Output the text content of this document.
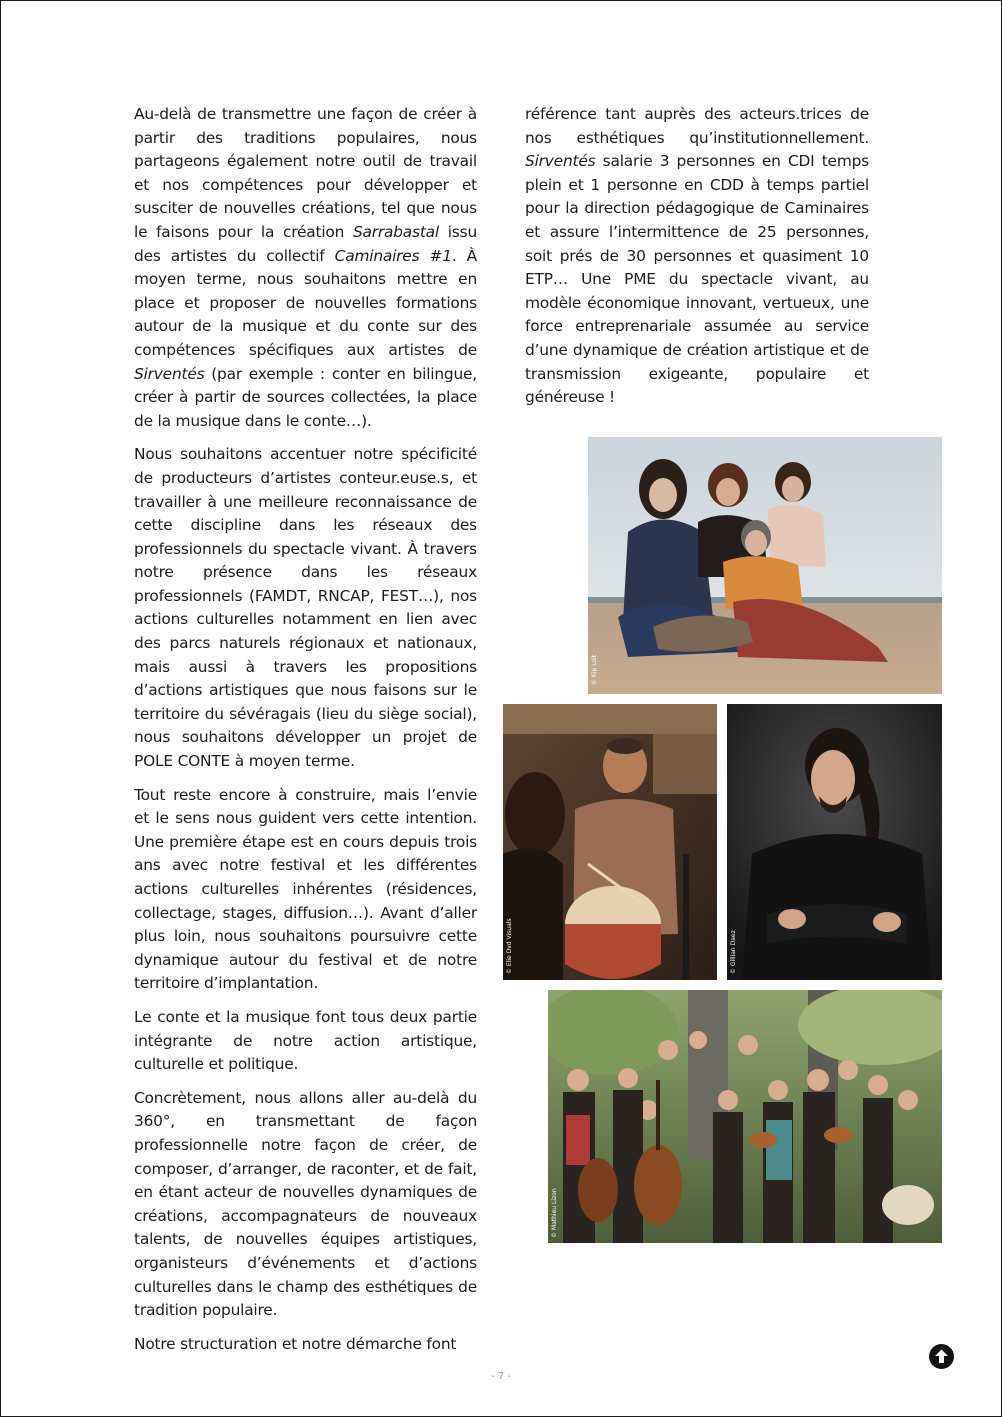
Au-delà de transmettre une façon de créer à partir des traditions populaires, nous partageons également notre outil de travail et nos compétences pour développer et susciter de nouvelles créations, tel que nous le faisons pour la création Sarrabastal issu des artistes du collectif Caminaires #1. À moyen terme, nous souhaitons mettre en place et proposer de nouvelles formations autour de la musique et du conte sur des compétences spécifiques aux artistes de Sirventés (par exemple : conter en bilingue, créer à partir de sources collectées, la place de la musique dans le conte…).

Nous souhaitons accentuer notre spécificité de producteurs d’artistes conteur.euse.s, et travailler à une meilleure reconnaissance de cette discipline dans les réseaux des professionnels du spectacle vivant. À travers notre présence dans les réseaux professionnels (FAMDT, RNCAP, FEST…), nos actions culturelles notamment en lien avec des parcs naturels régionaux et nationaux, mais aussi à travers les propositions d’actions artistiques que nous faisons sur le territoire du sévéragais (lieu du siège social), nous souhaitons développer un projet de POLE CONTE à moyen terme.

Tout reste encore à construire, mais l’envie et le sens nous guident vers cette intention. Une première étape est en cours depuis trois ans avec notre festival et les différentes actions culturelles inhérentes (résidences, collectage, stages, diffusion…). Avant d’aller plus loin, nous souhaitons poursuivre cette dynamique autour du festival et de notre territoire d’implantation.

Le conte et la musique font tous deux partie intégrante de notre action artistique, culturelle et politique.

Concrètement, nous allons aller au-delà du 360°, en transmettant de façon professionnelle notre façon de créer, de composer, d’arranger, de raconter, et de fait, en étant acteur de nouvelles dynamiques de créations, accompagnateurs de nouveaux talents, de nouvelles équipes artistiques, organisteurs d’événements et d’actions culturelles dans le champ des esthétiques de tradition populaire.

Notre structuration et notre démarche font

référence tant auprès des acteurs.trices de nos esthétiques qu’institutionnellement. Sirventés salarie 3 personnes en CDI temps plein et 1 personne en CDD à temps partiel pour la direction pédagogique de Caminaires et assure l’intermittence de 25 personnes, soit prés de 30 personnes et quasiment 10 ETP… Une PME du spectacle vivant, au modèle économique innovant, vertueux, une force entreprenariale assumée au service d’une dynamique de création artistique et de transmission exigeante, populaire et généreuse !

© Kip Loit
© Elie Dvd Visuals	© Gillian Daez
© Mathieu Lizon
- 7 -
